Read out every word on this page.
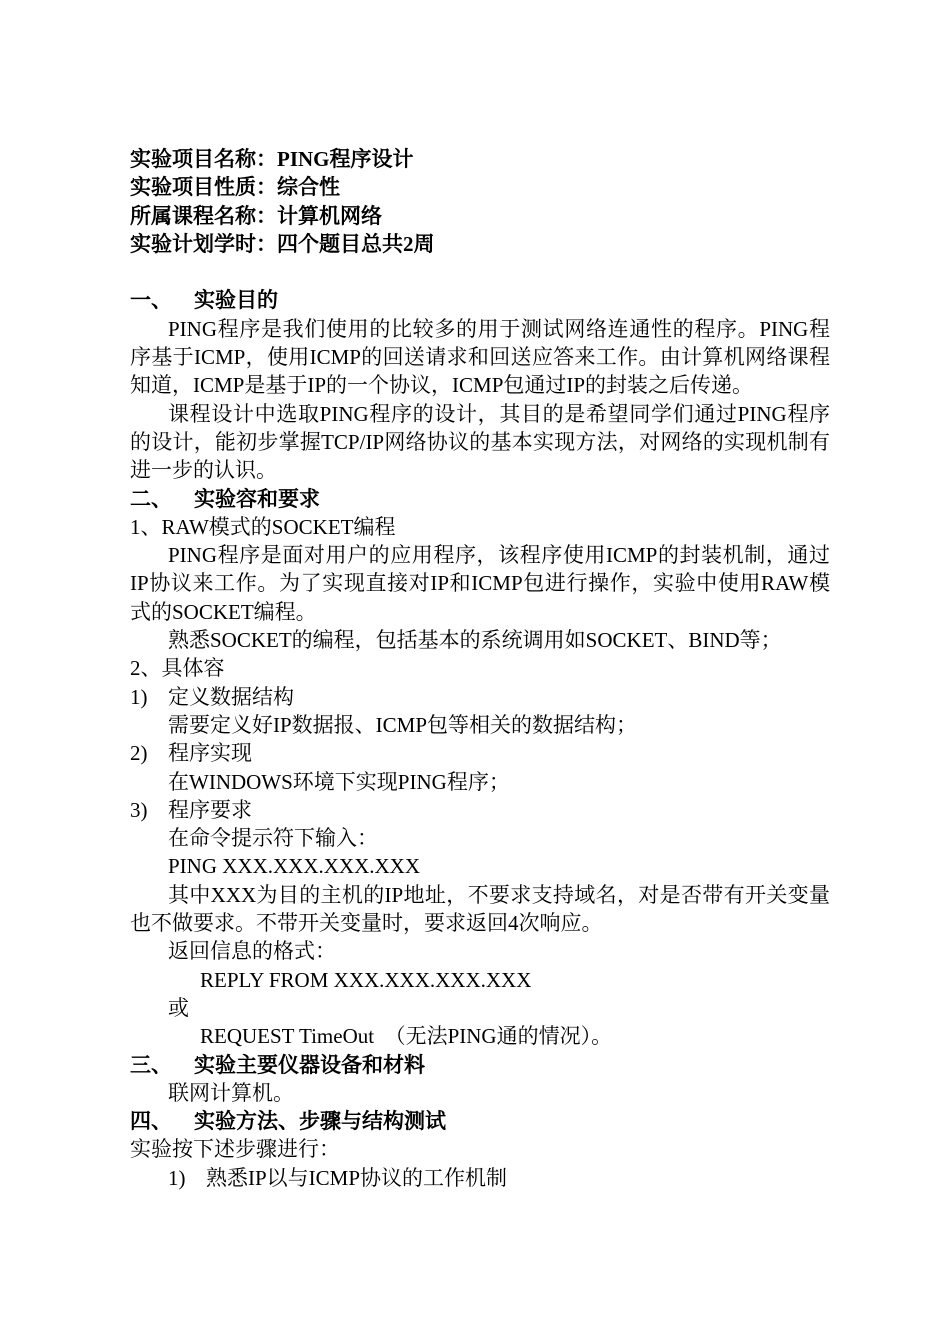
实验项目名称：PING程序设计
实验项目性质：综合性
所属课程名称：计算机网络
实验计划学时：四个题目总共2周
一、 实验目的
PING程序是我们使用的比较多的用于测试网络连通性的程序。PING程序基于ICMP，使用ICMP的回送请求和回送应答来工作。由计算机网络课程知道，ICMP是基于IP的一个协议，ICMP包通过IP的封装之后传递。
课程设计中选取PING程序的设计，其目的是希望同学们通过PING程序的设计，能初步掌握TCP/IP网络协议的基本实现方法，对网络的实现机制有进一步的认识。
二、 实验容和要求
1、RAW模式的SOCKET编程
PING程序是面对用户的应用程序，该程序使用ICMP的封装机制，通过IP协议来工作。为了实现直接对IP和ICMP包进行操作，实验中使用RAW模式的SOCKET编程。
熟悉SOCKET的编程，包括基本的系统调用如SOCKET、BIND等；
2、具体容
1) 定义数据结构
需要定义好IP数据报、ICMP包等相关的数据结构；
2) 程序实现
在WINDOWS环境下实现PING程序；
3) 程序要求
在命令提示符下输入：
PING XXX.XXX.XXX.XXX
其中XXX为目的主机的IP地址，不要求支持域名，对是否带有开关变量也不做要求。不带开关变量时，要求返回4次响应。
返回信息的格式：
REPLY FROM XXX.XXX.XXX.XXX
或
REQUEST TimeOut  （无法PING通的情况）。
三、 实验主要仪器设备和材料
联网计算机。
四、 实验方法、步骤与结构测试
实验按下述步骤进行：
1) 熟悉IP以与ICMP协议的工作机制
